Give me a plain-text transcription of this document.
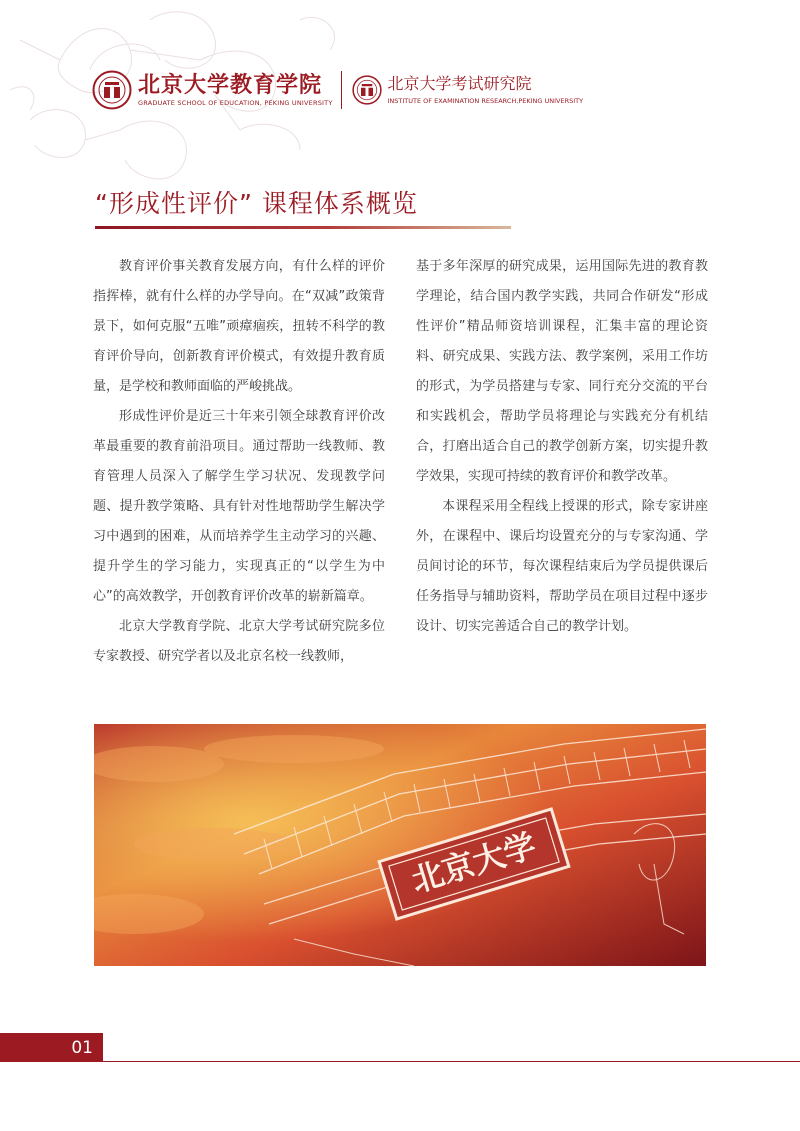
北京大学教育学院
GRADUATE SCHOOL OF EDUCATION, PEKING UNIVERSITY
北京大学考试研究院
INSTITUTE OF EXAMINATION RESEARCH,PEKING UNIVERSITY
“形成性评价” 课程体系概览

教育评价事关教育发展方向，有什么样的评价指挥棒，就有什么样的办学导向。在“双减”政策背景下，如何克服“五唯”顽瘴痼疾，扭转不科学的教育评价导向，创新教育评价模式，有效提升教育质量，是学校和教师面临的严峻挑战。

形成性评价是近三十年来引领全球教育评价改革最重要的教育前沿项目。通过帮助一线教师、教育管理人员深入了解学生学习状况、发现教学问题、提升教学策略、具有针对性地帮助学生解决学习中遇到的困难，从而培养学生主动学习的兴趣、提升学生的学习能力，实现真正的“以学生为中心”的高效教学，开创教育评价改革的崭新篇章。

北京大学教育学院、北京大学考试研究院多位专家教授、研究学者以及北京名校一线教师，

基于多年深厚的研究成果，运用国际先进的教育教学理论，结合国内教学实践，共同合作研发“形成性评价”精品师资培训课程，汇集丰富的理论资料、研究成果、实践方法、教学案例，采用工作坊的形式，为学员搭建与专家、同行充分交流的平台和实践机会，帮助学员将理论与实践充分有机结合，打磨出适合自己的教学创新方案，切实提升教学效果，实现可持续的教育评价和教学改革。

本课程采用全程线上授课的形式，除专家讲座外，在课程中、课后均设置充分的与专家沟通、学员间讨论的环节，每次课程结束后为学员提供课后任务指导与辅助资料，帮助学员在项目过程中逐步设计、切实完善适合自己的教学计划。

北京大学
01
